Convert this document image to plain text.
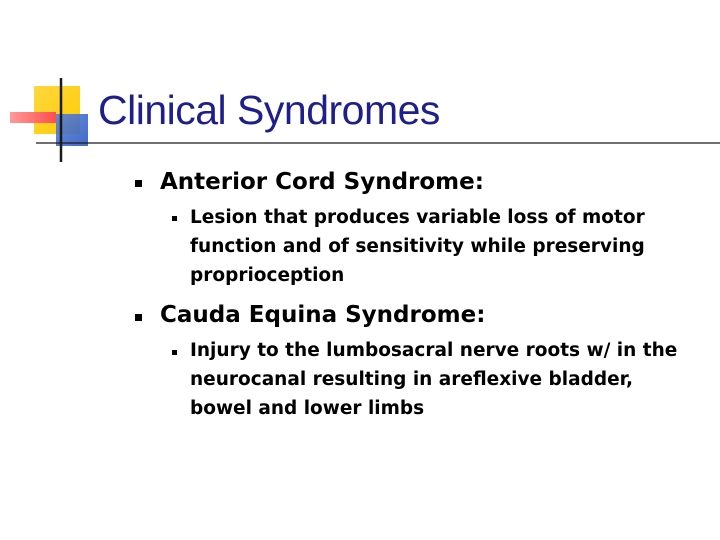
Clinical Syndromes
Anterior Cord Syndrome:
Lesion that produces variable loss of motor function and of sensitivity while preserving proprioception
Cauda Equina Syndrome:
Injury to the lumbosacral nerve roots w/ in the neurocanal resulting in areflexive bladder, bowel and lower limbs
